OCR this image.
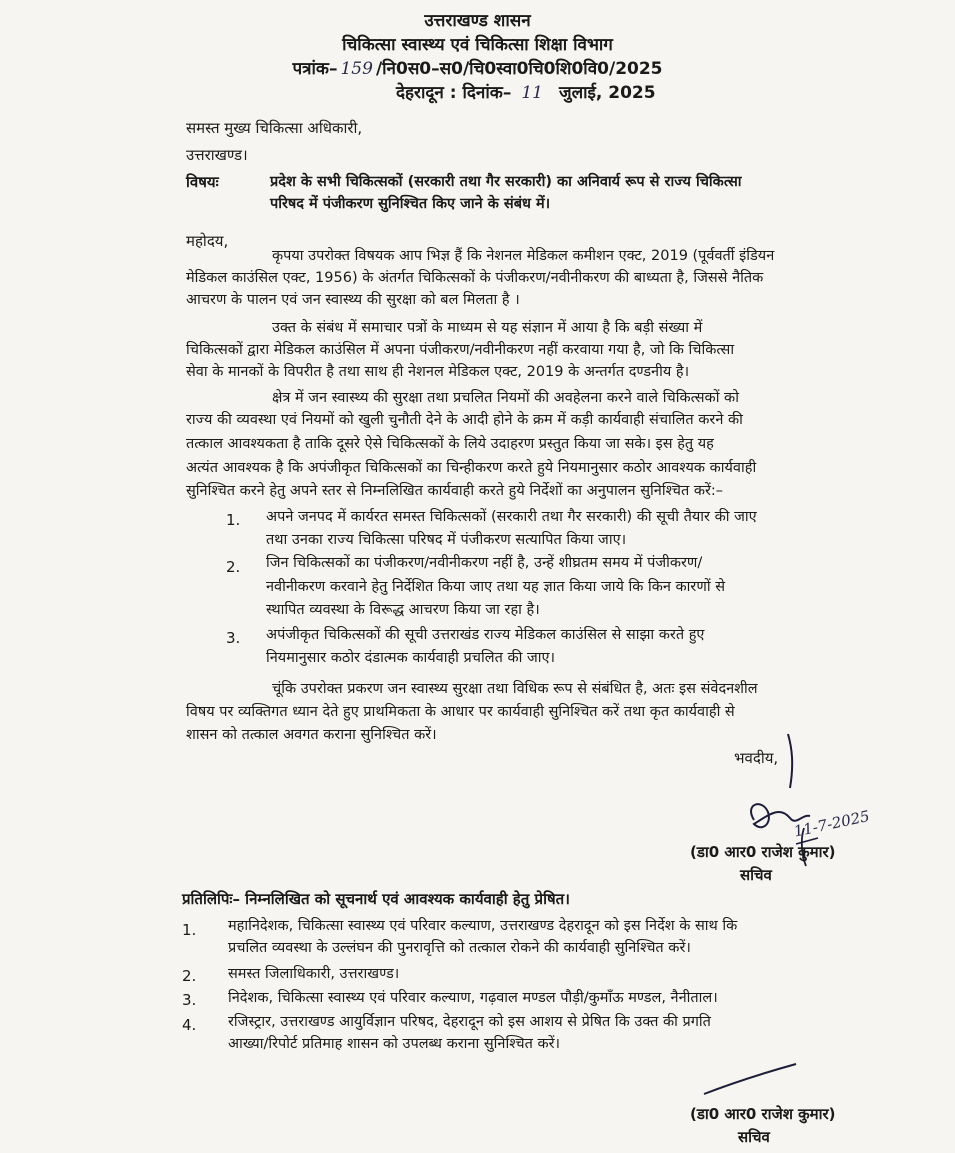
उत्तराखण्ड शासन
चिकित्सा स्वास्थ्य एवं चिकित्सा शिक्षा विभाग
पत्रांक– 159 /नि0स0–स0/चि0स्वा0चि0शि0वि0/2025
देहरादून : दिनांक– 11 जुलाई, 2025
समस्त मुख्य चिकित्सा अधिकारी,
उत्तराखण्ड।
विषयः	प्रदेश के सभी चिकित्सकों (सरकारी तथा गैर सरकारी) का अनिवार्य रूप से राज्य चिकित्सा
परिषद में पंजीकरण सुनिश्चित किए जाने के संबंध में।
महोदय,
कृपया उपरोक्त विषयक आप भिज्ञ हैं कि नेशनल मेडिकल कमीशन एक्ट, 2019 (पूर्ववर्ती इंडियन
मेडिकल काउंसिल एक्ट, 1956) के अंतर्गत चिकित्सकों के पंजीकरण/नवीनीकरण की बाध्यता है, जिससे नैतिक
आचरण के पालन एवं जन स्वास्थ्य की सुरक्षा को बल मिलता है ।
उक्त के संबंध में समाचार पत्रों के माध्यम से यह संज्ञान में आया है कि बड़ी संख्या में
चिकित्सकों द्वारा मेडिकल काउंसिल में अपना पंजीकरण/नवीनीकरण नहीं करवाया गया है, जो कि चिकित्सा
सेवा के मानकों के विपरीत है तथा साथ ही नेशनल मेडिकल एक्ट, 2019 के अन्तर्गत दण्डनीय है।
क्षेत्र में जन स्वास्थ्य की सुरक्षा तथा प्रचलित नियमों की अवहेलना करने वाले चिकित्सकों को
राज्य की व्यवस्था एवं नियमों को खुली चुनौती देने के आदी होने के क्रम में कड़ी कार्यवाही संचालित करने की
तत्काल आवश्यकता है ताकि दूसरे ऐसे चिकित्सकों के लिये उदाहरण प्रस्तुत किया जा सके। इस हेतु यह
अत्यंत आवश्यक है कि अपंजीकृत चिकित्सकों का चिन्हीकरण करते हुये नियमानुसार कठोर आवश्यक कार्यवाही
सुनिश्चित करने हेतु अपने स्तर से निम्नलिखित कार्यवाही करते हुये निर्देशों का अनुपालन सुनिश्चित करें:–
1. अपने जनपद में कार्यरत समस्त चिकित्सकों (सरकारी तथा गैर सरकारी) की सूची तैयार की जाए
तथा उनका राज्य चिकित्सा परिषद में पंजीकरण सत्यापित किया जाए।
2. जिन चिकित्सकों का पंजीकरण/नवीनीकरण नहीं है, उन्हें शीघ्रतम समय में पंजीकरण/
नवीनीकरण करवाने हेतु निर्देशित किया जाए तथा यह ज्ञात किया जाये कि किन कारणों से
स्थापित व्यवस्था के विरूद्ध आचरण किया जा रहा है।
3. अपंजीकृत चिकित्सकों की सूची उत्तराखंड राज्य मेडिकल काउंसिल से साझा करते हुए
नियमानुसार कठोर दंडात्मक कार्यवाही प्रचलित की जाए।
चूंकि उपरोक्त प्रकरण जन स्वास्थ्य सुरक्षा तथा विधिक रूप से संबंधित है, अतः इस संवेदनशील
विषय पर व्यक्तिगत ध्यान देते हुए प्राथमिकता के आधार पर कार्यवाही सुनिश्चित करें तथा कृत कार्यवाही से
शासन को तत्काल अवगत कराना सुनिश्चित करें।
भवदीय,
11-7-2025
(डा0 आर0 राजेश कुमार)
सचिव
प्रतिलिपिः– निम्नलिखित को सूचनार्थ एवं आवश्यक कार्यवाही हेतु प्रेषित।
1. महानिदेशक, चिकित्सा स्वास्थ्य एवं परिवार कल्याण, उत्तराखण्ड देहरादून को इस निर्देश के साथ कि
प्रचलित व्यवस्था के उल्लंघन की पुनरावृत्ति को तत्काल रोकने की कार्यवाही सुनिश्चित करें।
2. समस्त जिलाधिकारी, उत्तराखण्ड।
3. निदेशक, चिकित्सा स्वास्थ्य एवं परिवार कल्याण, गढ़वाल मण्डल पौड़ी/कुमाँऊ मण्डल, नैनीताल।
4. रजिस्ट्रार, उत्तराखण्ड आयुर्विज्ञान परिषद, देहरादून को इस आशय से प्रेषित कि उक्त की प्रगति
आख्या/रिपोर्ट प्रतिमाह शासन को उपलब्ध कराना सुनिश्चित करें।
(डा0 आर0 राजेश कुमार)
सचिव
